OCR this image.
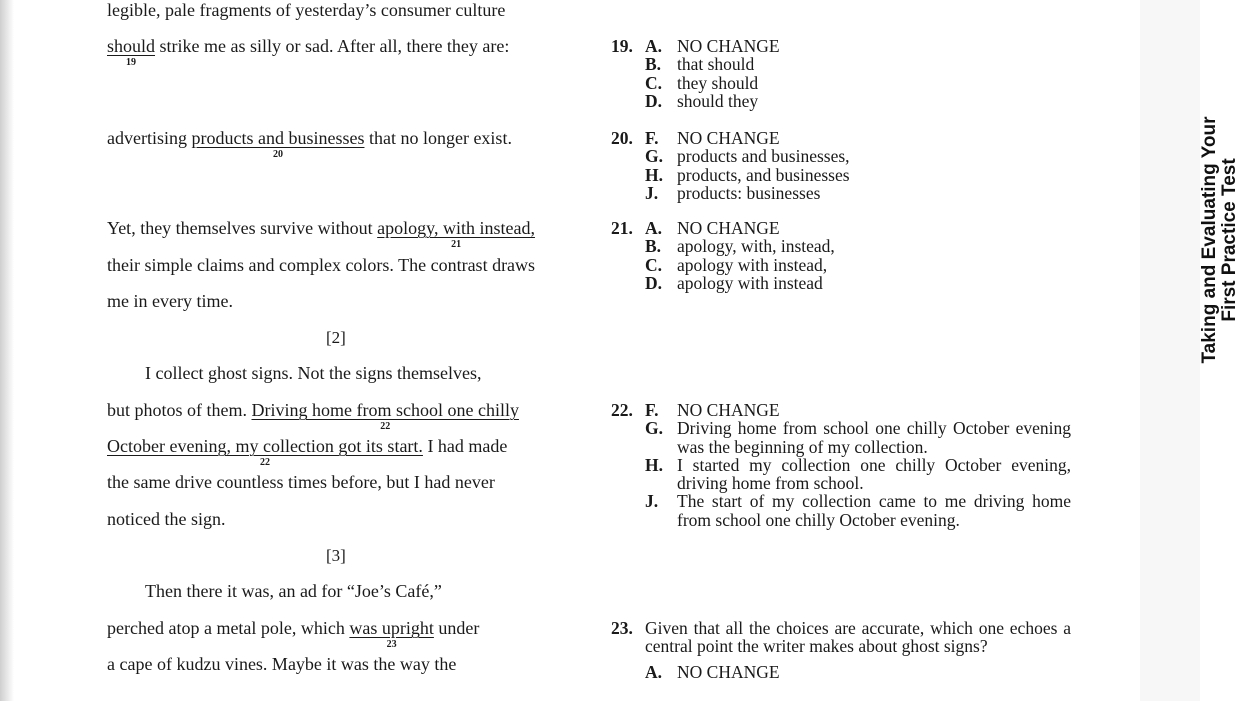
legible, pale fragments of yesterday’s consumer culture
should
19
strike me as silly or sad. After all, there they are:
advertising products and businesses
20
that no longer exist.
Yet, they themselves survive without apology, with instead,
21
their simple claims and complex colors. The contrast draws
me in every time.
[2]
I collect ghost signs. Not the signs themselves,
but photos of them. Driving home from school one chilly
22
October evening, my collection got its start.
22
I had made
the same drive countless times before, but I had never
noticed the sign.
[3]
Then there it was, an ad for “Joe’s Café,”
perched atop a metal pole, which was upright
23
under
a cape of kudzu vines. Maybe it was the way the
19. A. NO CHANGE
B. that should
C. they should
D. should they
20. F.	NO CHANGE
G. products and businesses,
H. products, and businesses
J.	products: businesses
21. A. NO CHANGE
B. apology, with, instead,
C. apology with instead,
D. apology with instead
22. F.	NO CHANGE
G. Driving home from school one chilly October evening was the beginning of my collection.
H. I started my collection one chilly October evening, driving home from school.
J.	The start of my collection came to me driving home from school one chilly October evening.
23. Given that all the choices are accurate, which one echoes a central point the writer makes about ghost signs?
A. NO CHANGE
Taking and Evaluating Your First Practice Test
